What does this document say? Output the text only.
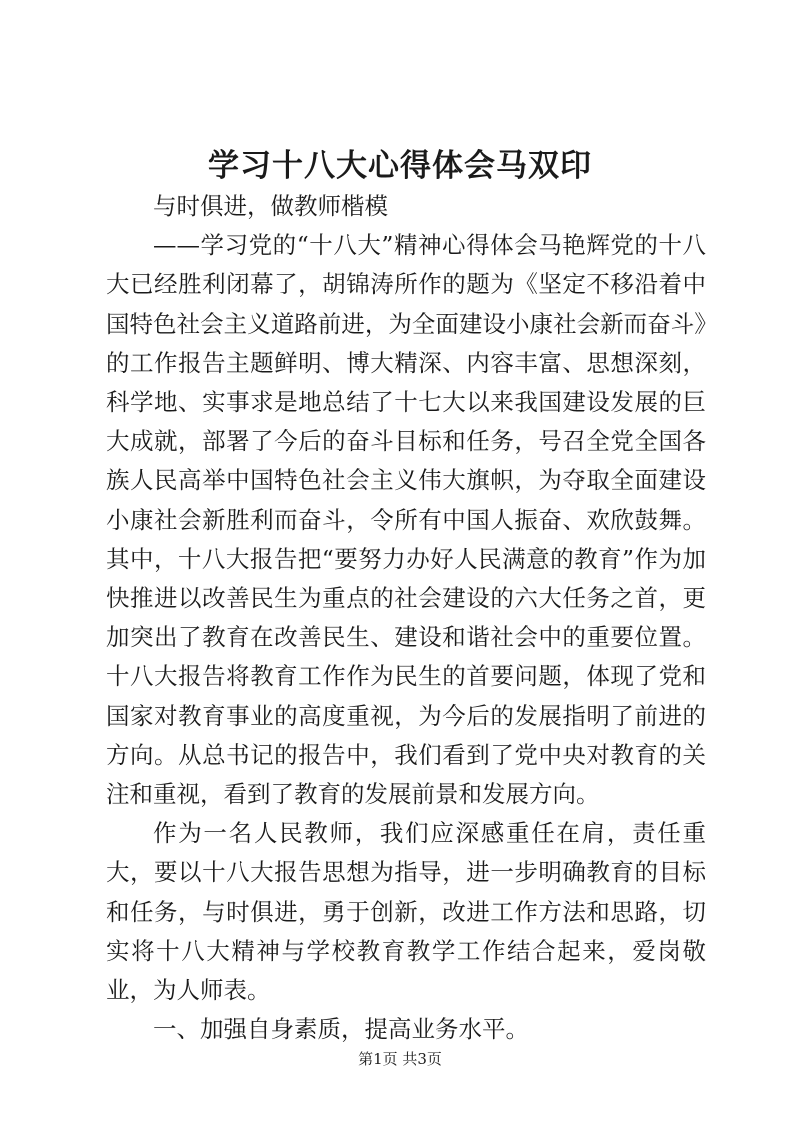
学习十八大心得体会马双印

与时俱进，做教师楷模

——学习党的“十八大”精神心得体会马艳辉党的十八大已经胜利闭幕了，胡锦涛所作的题为《坚定不移沿着中国特色社会主义道路前进，为全面建设小康社会新而奋斗》的工作报告主题鲜明、博大精深、内容丰富、思想深刻，科学地、实事求是地总结了十七大以来我国建设发展的巨大成就，部署了今后的奋斗目标和任务，号召全党全国各族人民高举中国特色社会主义伟大旗帜，为夺取全面建设小康社会新胜利而奋斗，令所有中国人振奋、欢欣鼓舞。其中，十八大报告把“要努力办好人民满意的教育”作为加快推进以改善民生为重点的社会建设的六大任务之首，更加突出了教育在改善民生、建设和谐社会中的重要位置。十八大报告将教育工作作为民生的首要问题，体现了党和国家对教育事业的高度重视，为今后的发展指明了前进的方向。从总书记的报告中，我们看到了党中央对教育的关注和重视，看到了教育的发展前景和发展方向。

作为一名人民教师，我们应深感重任在肩，责任重大，要以十八大报告思想为指导，进一步明确教育的目标和任务，与时俱进，勇于创新，改进工作方法和思路，切实将十八大精神与学校教育教学工作结合起来，爱岗敬业，为人师表。

一、加强自身素质，提高业务水平。

第1页 共3页
